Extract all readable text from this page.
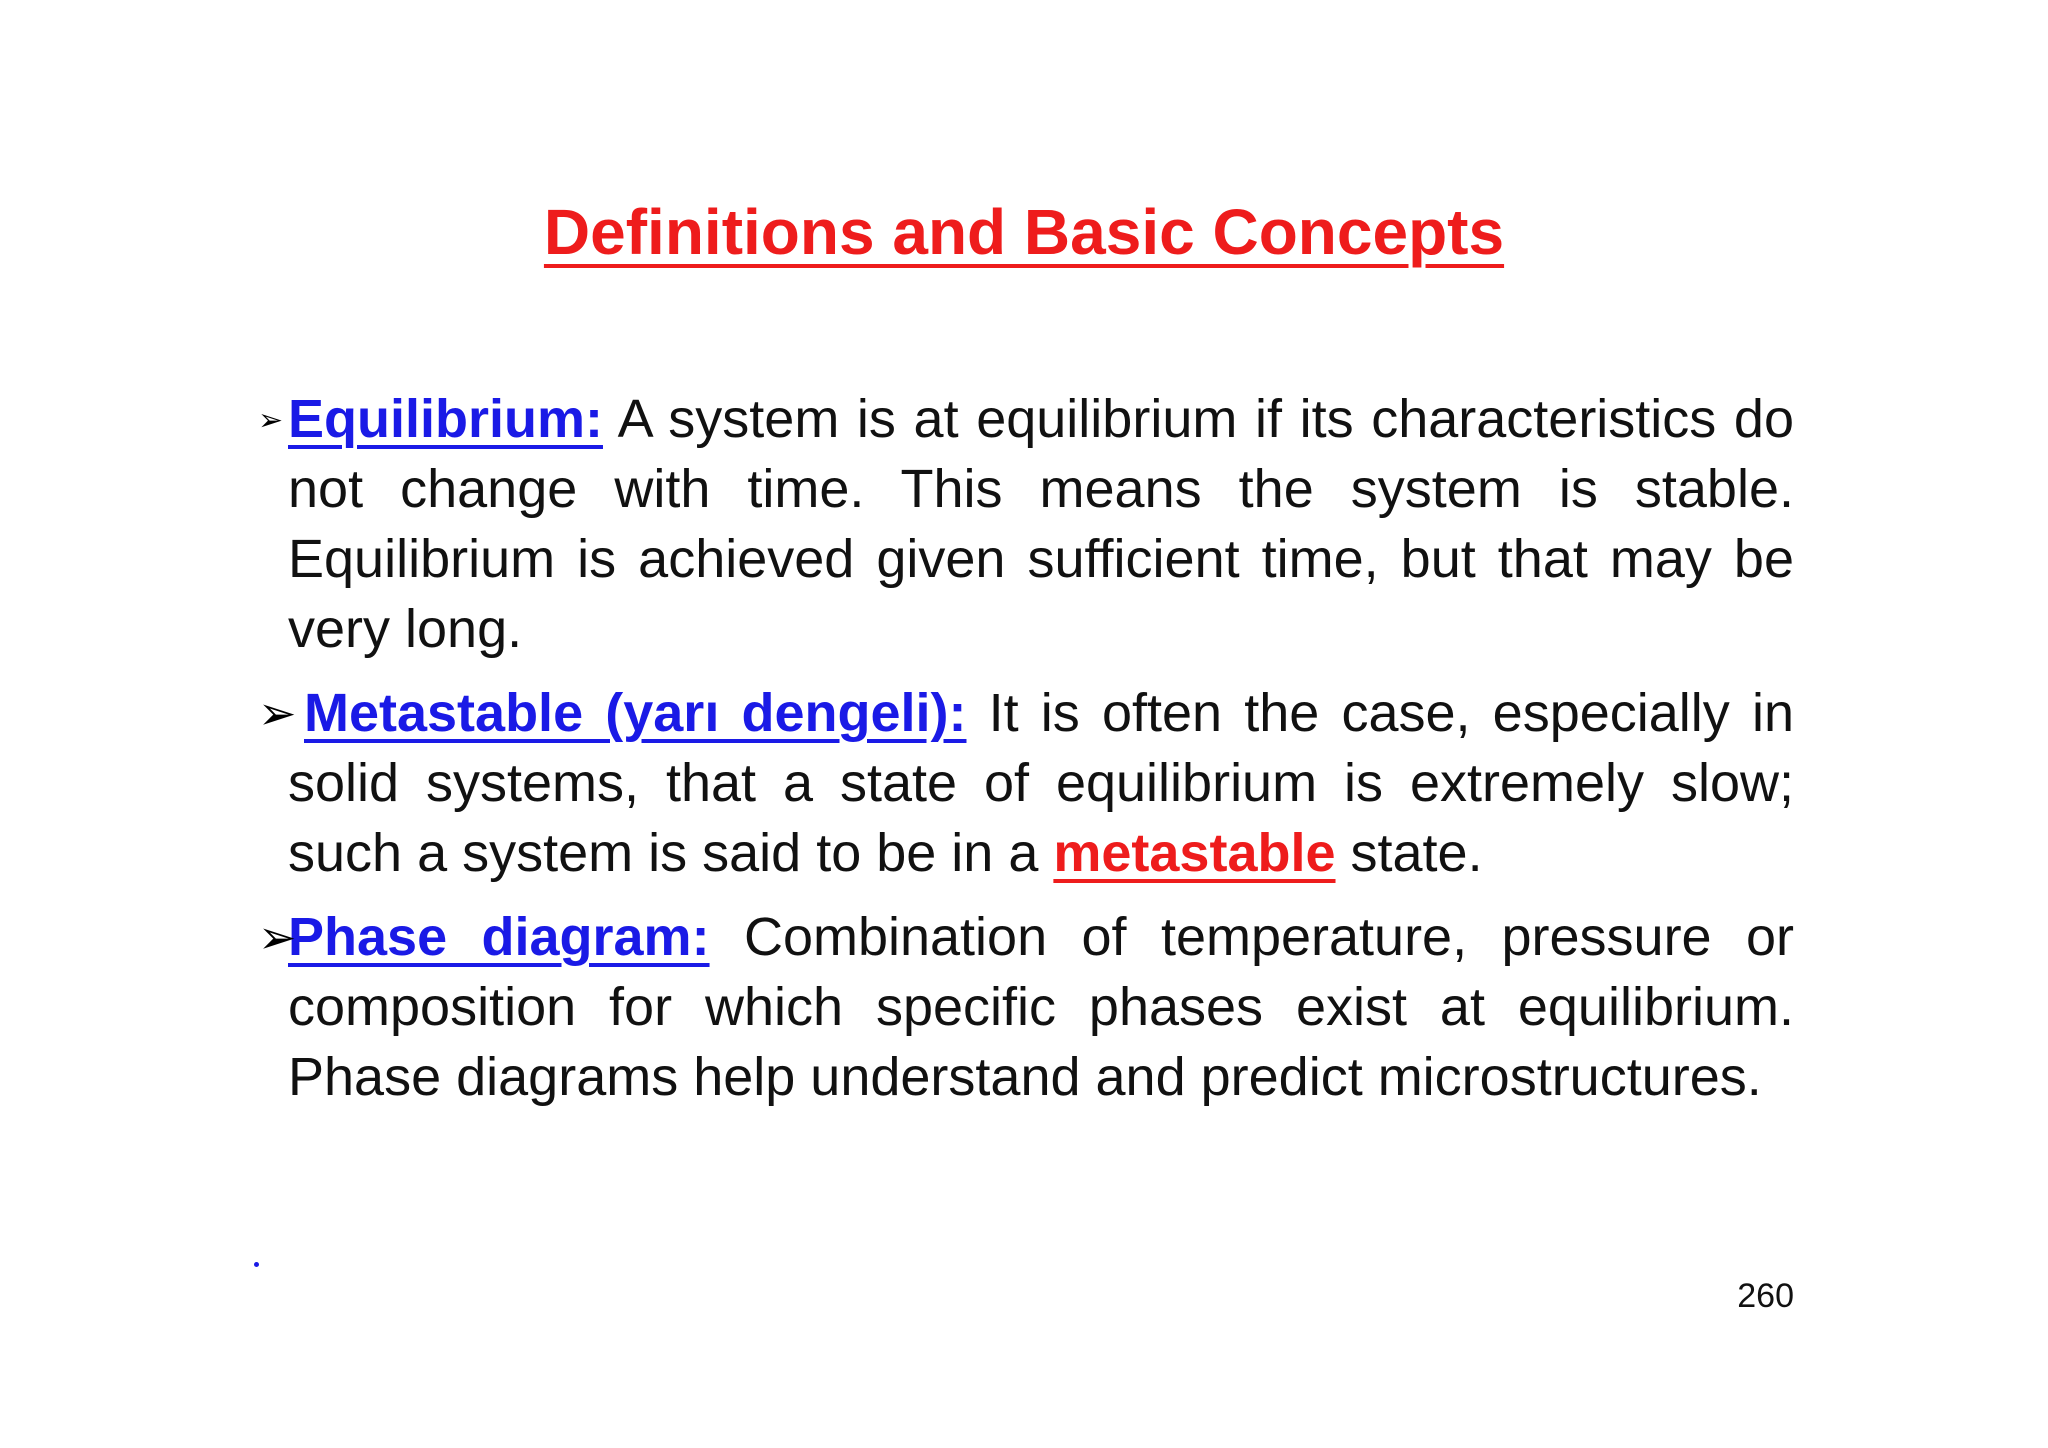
Definitions and Basic Concepts
➢ Equilibrium: A system is at equilibrium if its characteristics do not change with time. This means the system is stable. Equilibrium is achieved given sufficient time, but that may be very long.
➢ Metastable (yarı dengeli): It is often the case, especially in solid systems, that a state of equilibrium is extremely slow; such a system is said to be in a metastable state.
➢
Phase diagram: Combination of temperature, pressure or composition for which specific phases exist at equilibrium. Phase diagrams help understand and predict microstructures.
260
